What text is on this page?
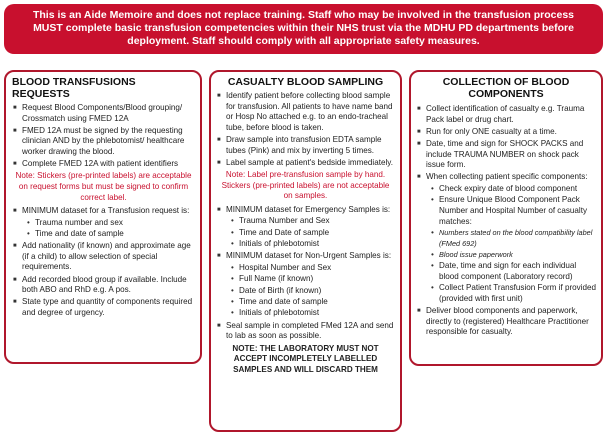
This is an Aide Memoire and does not replace training. Staff who may be involved in the transfusion process
MUST complete basic transfusion competencies within their NHS trust via the MDHU PD departments before
deployment. Staff should comply with all appropriate safety measures.
BLOOD TRANSFUSIONS REQUESTS
■ Request Blood Components/Blood grouping/ Crossmatch using FMED 12A
■ FMED 12A must be signed by the requesting clinician AND by the phlebotomist/ healthcare worker drawing the blood.
■ Complete FMED 12A with patient identifiers
Note: Stickers (pre-printed labels) are acceptable on request forms but must be signed to confirm correct label.
■ MINIMUM dataset for a Transfusion request is:
• Trauma number and sex
• Time and date of sample
■ Add nationality (if known) and approximate age (if a child) to allow selection of special requirements.
■ Add recorded blood group if available. Include both ABO and RhD e.g. A pos.
■ State type and quantity of components required and degree of urgency.
CASUALTY BLOOD SAMPLING
■ Identify patient before collecting blood sample for transfusion. All patients to have name band or Hosp No attached e.g. to an endo-tracheal tube, before blood is taken.
■ Draw sample into transfusion EDTA sample tubes (Pink) and mix by inverting 5 times.
■ Label sample at patient's bedside immediately.
Note: Label pre-transfusion sample by hand. Stickers (pre-printed labels) are not acceptable on samples.
■ MINIMUM dataset for Emergency Samples is:
• Trauma Number and Sex
• Time and Date of sample
• Initials of phlebotomist
■ MINIMUM dataset for Non-Urgent Samples is:
• Hospital Number and Sex
• Full Name (if known)
• Date of Birth (if known)
• Time and date of sample
• Initials of phlebotomist
■ Seal sample in completed FMed 12A and send to lab as soon as possible.
NOTE: THE LABORATORY MUST NOT ACCEPT INCOMPLETELY LABELLED SAMPLES AND WILL DISCARD THEM
COLLECTION OF BLOOD COMPONENTS
■ Collect identification of casualty e.g. Trauma Pack label or drug chart.
■ Run for only ONE casualty at a time.
■ Date, time and sign for SHOCK PACKS and include TRAUMA NUMBER on shock pack issue form.
■ When collecting patient specific components:
• Check expiry date of blood component
• Ensure Unique Blood Component Pack Number and Hospital Number of casualty matches:
• Numbers stated on the blood compatibility label (FMed 692)
• Blood issue paperwork
• Date, time and sign for each individual blood component (Laboratory record)
• Collect Patient Transfusion Form if provided (provided with first unit)
■ Deliver blood components and paperwork, directly to (registered) Healthcare Practitioner responsible for casualty.
